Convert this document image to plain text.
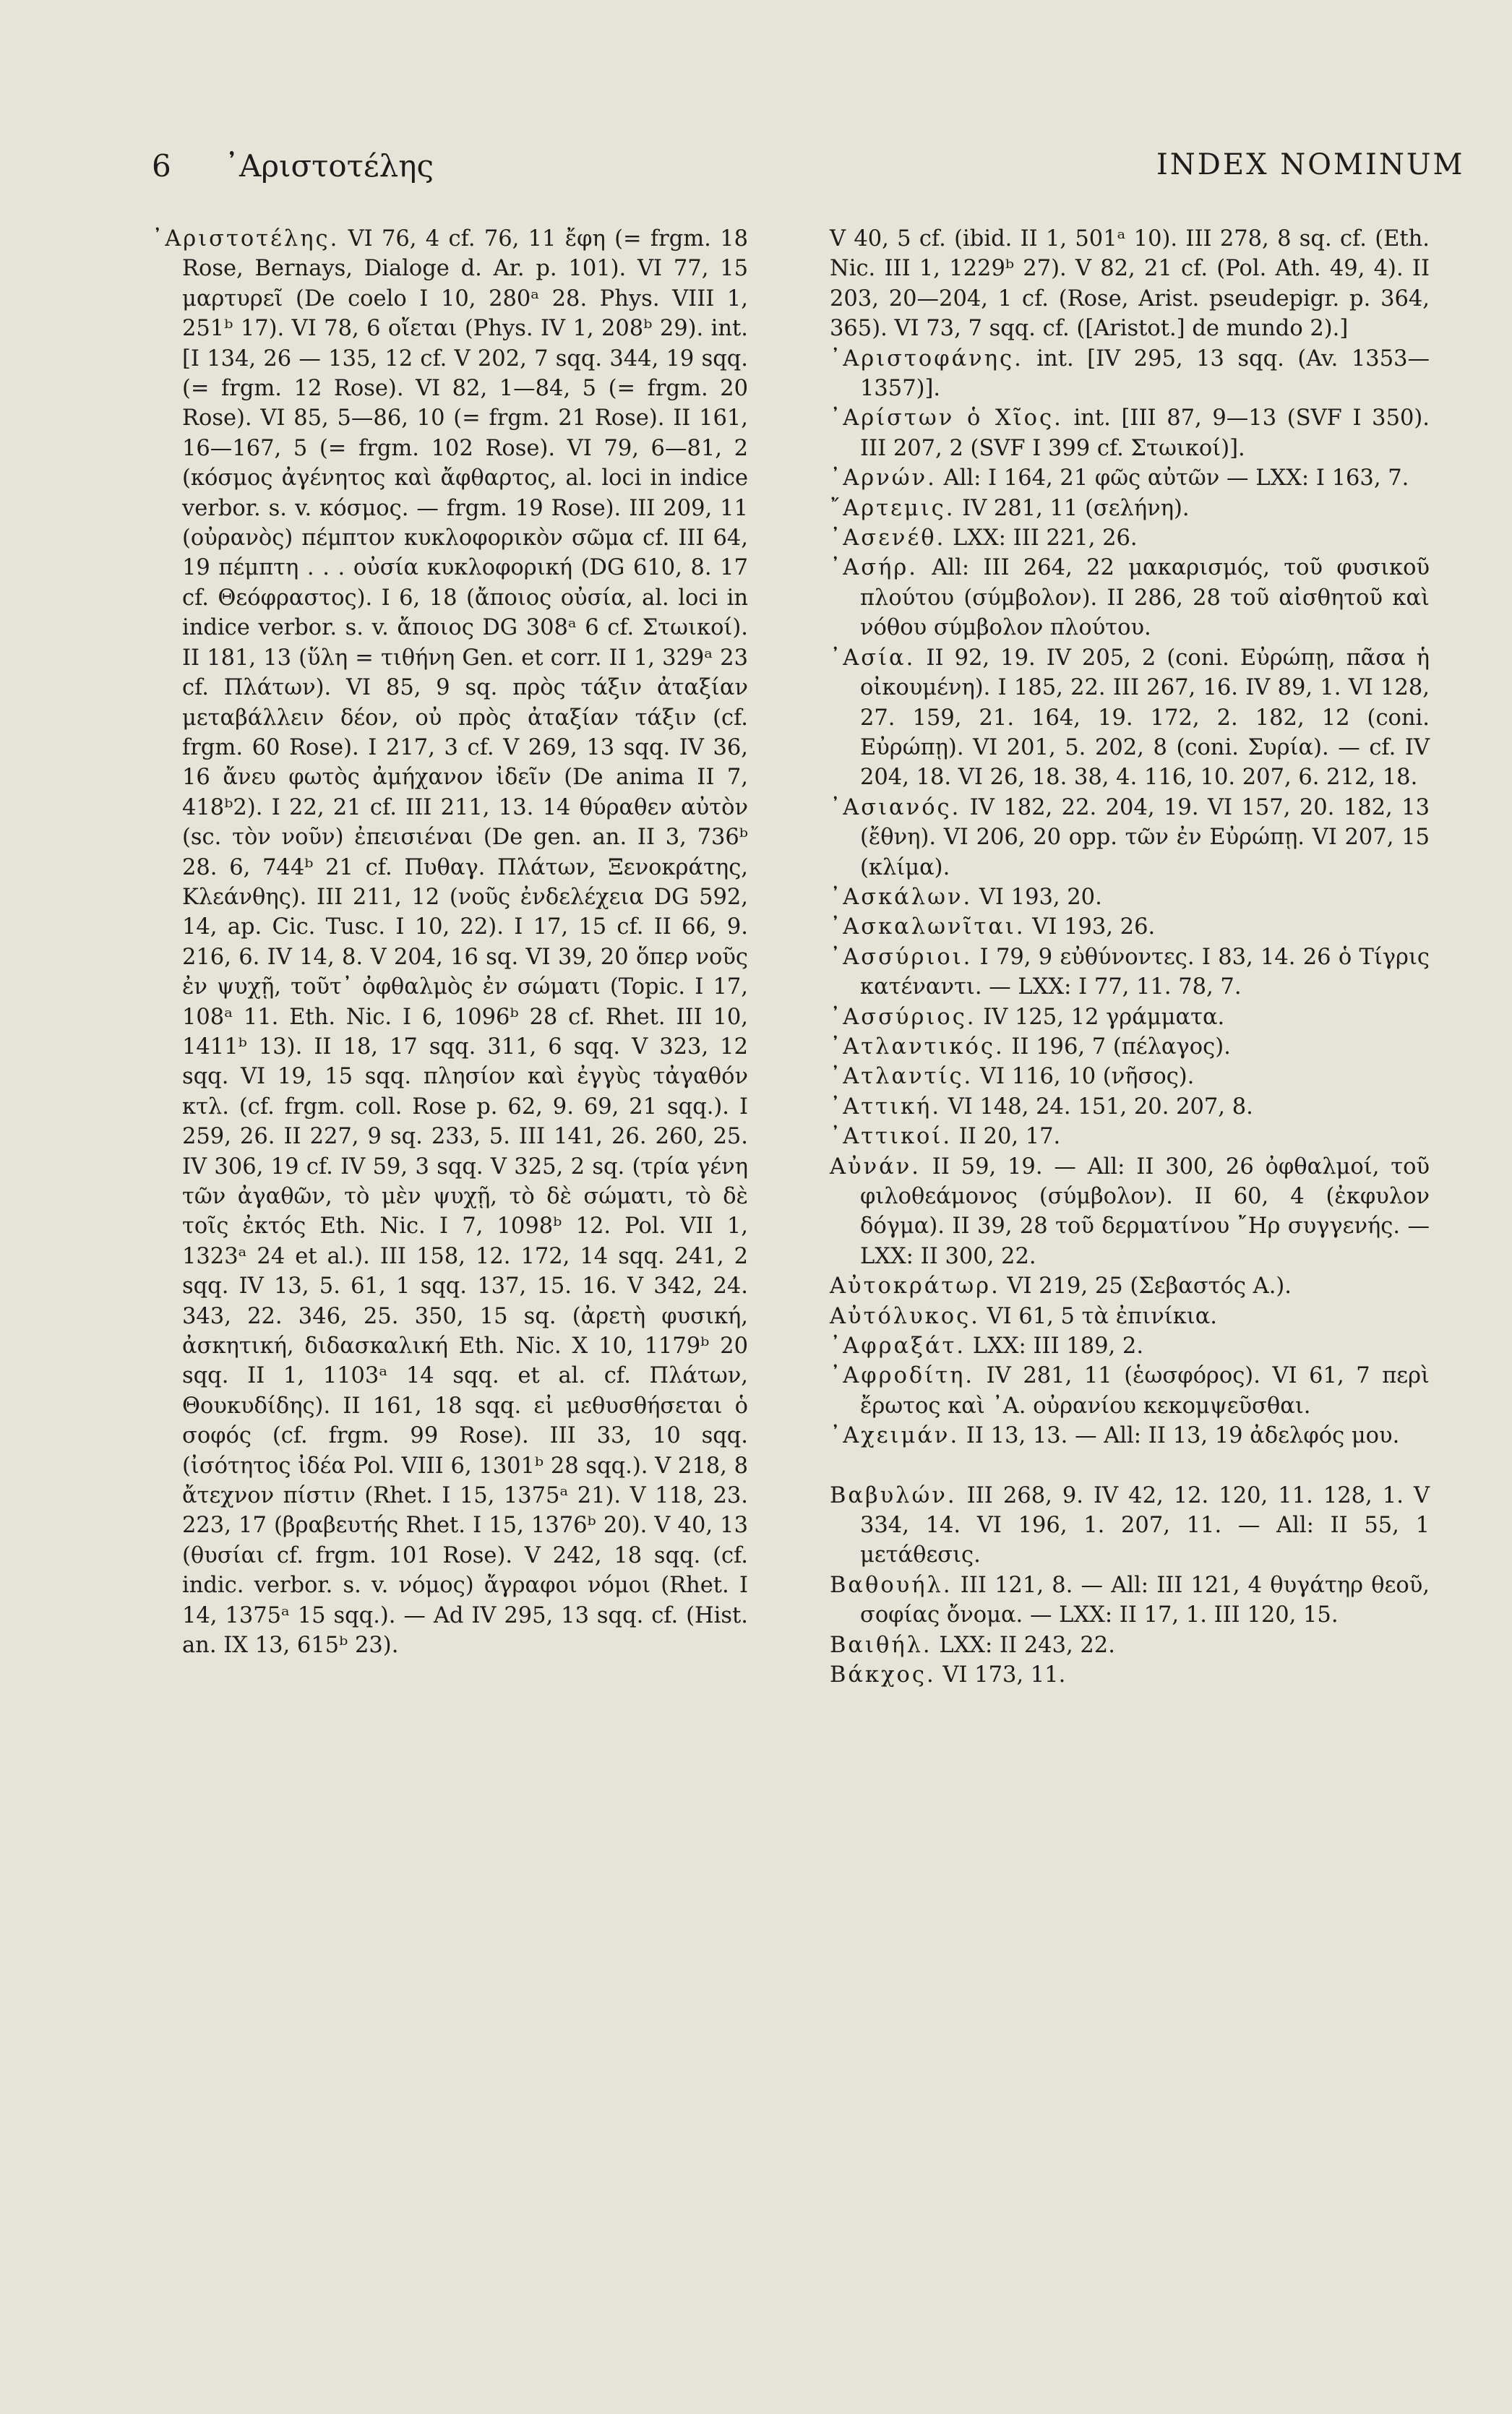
6 ᾿Αριστοτέλης	INDEX NOMINUM

᾿Αριστοτέλης. VI 76, 4 cf. 76, 11 ἔφη (= frgm. 18 Rose, Bernays, Dialoge d. Ar. p. 101). VI 77, 15 μαρτυρεῖ (De coelo I 10, 280ᵃ 28. Phys. VIII 1, 251ᵇ 17). VI 78, 6 οἴεται (Phys. IV 1, 208ᵇ 29). int. [I 134, 26 — 135, 12 cf. V 202, 7 sqq. 344, 19 sqq. (= frgm. 12 Rose). VI 82, 1—84, 5 (= frgm. 20 Rose). VI 85, 5—86, 10 (= frgm. 21 Rose). II 161, 16—167, 5 (= frgm. 102 Rose). VI 79, 6—81, 2 (κόσμος ἀγένητος καὶ ἄφθαρτος, al. loci in indice verbor. s. v. κόσμος. — frgm. 19 Rose). III 209, 11 (οὐρανὸς) πέμπτον κυκλοφορικὸν σῶμα cf. III 64, 19 πέμπτη . . . οὐσία κυκλοφορική (DG 610, 8. 17 cf. Θεόφραστος). I 6, 18 (ἄποιος οὐσία, al. loci in indice verbor. s. v. ἄποιος DG 308ᵃ 6 cf. Στωικοί). II 181, 13 (ὕλη = τιθήνη Gen. et corr. II 1, 329ᵃ 23 cf. Πλάτων). VI 85, 9 sq. πρὸς τάξιν ἀταξίαν μεταβάλλειν δέον, οὐ πρὸς ἀταξίαν τάξιν (cf. frgm. 60 Rose). I 217, 3 cf. V 269, 13 sqq. IV 36, 16 ἄνευ φωτὸς ἀμήχανον ἰδεῖν (De anima II 7, 418ᵇ2). I 22, 21 cf. III 211, 13. 14 θύραθεν αὐτὸν (sc. τὸν νοῦν) ἐπεισιέναι (De gen. an. II 3, 736ᵇ 28. 6, 744ᵇ 21 cf. Πυθαγ. Πλάτων, Ξενοκράτης, Κλεάνθης). III 211, 12 (νοῦς ἐνδελέχεια DG 592, 14, ap. Cic. Tusc. I 10, 22). I 17, 15 cf. II 66, 9. 216, 6. IV 14, 8. V 204, 16 sq. VI 39, 20 ὅπερ νοῦς ἐν ψυχῇ, τοῦτ᾿ ὀφθαλμὸς ἐν σώματι (Topic. I 17, 108ᵃ 11. Eth. Nic. I 6, 1096ᵇ 28 cf. Rhet. III 10, 1411ᵇ 13). II 18, 17 sqq. 311, 6 sqq. V 323, 12 sqq. VI 19, 15 sqq. πλησίον καὶ ἐγγὺς τἀγαθόν κτλ. (cf. frgm. coll. Rose p. 62, 9. 69, 21 sqq.). I 259, 26. II 227, 9 sq. 233, 5. III 141, 26. 260, 25. IV 306, 19 cf. IV 59, 3 sqq. V 325, 2 sq. (τρία γένη τῶν ἀγαθῶν, τὸ μὲν ψυχῇ, τὸ δὲ σώματι, τὸ δὲ τοῖς ἐκτός Eth. Nic. I 7, 1098ᵇ 12. Pol. VII 1, 1323ᵃ 24 et al.). III 158, 12. 172, 14 sqq. 241, 2 sqq. IV 13, 5. 61, 1 sqq. 137, 15. 16. V 342, 24. 343, 22. 346, 25. 350, 15 sq. (ἀρετὴ φυσική, ἀσκητική, διδασκαλική Eth. Nic. X 10, 1179ᵇ 20 sqq. II 1, 1103ᵃ 14 sqq. et al. cf. Πλάτων, Θουκυδίδης). II 161, 18 sqq. εἰ μεθυσθήσεται ὁ σοφός (cf. frgm. 99 Rose). III 33, 10 sqq. (ἰσότητος ἰδέα Pol. VIII 6, 1301ᵇ 28 sqq.). V 218, 8 ἄτεχνον πίστιν (Rhet. I 15, 1375ᵃ 21). V 118, 23. 223, 17 (βραβευτής Rhet. I 15, 1376ᵇ 20). V 40, 13 (θυσίαι cf. frgm. 101 Rose). V 242, 18 sqq. (cf. indic. verbor. s. v. νόμος) ἄγραφοι νόμοι (Rhet. I 14, 1375ᵃ 15 sqq.). — Ad IV 295, 13 sqq. cf. (Hist. an. IX 13, 615ᵇ 23).

V 40, 5 cf. (ibid. II 1, 501ᵃ 10). III 278, 8 sq. cf. (Eth. Nic. III 1, 1229ᵇ 27). V 82, 21 cf. (Pol. Ath. 49, 4). II 203, 20—204, 1 cf. (Rose, Arist. pseudepigr. p. 364, 365). VI 73, 7 sqq. cf. ([Aristot.] de mundo 2).]

᾿Αριστοφάνης. int. [IV 295, 13 sqq. (Av. 1353—1357)].

᾿Αρίστων ὁ Χῖος. int. [III 87, 9—13 (SVF I 350). III 207, 2 (SVF I 399 cf. Στωικοί)].

᾿Αρνών. All: I 164, 21 φῶς αὐτῶν — LXX: I 163, 7.

῎Αρτεμις. IV 281, 11 (σελήνη).

᾿Ασενέθ. LXX: III 221, 26.

᾿Ασήρ. All: III 264, 22 μακαρισμός, τοῦ φυσικοῦ πλούτου (σύμβολον). II 286, 28 τοῦ αἰσθητοῦ καὶ νόθου σύμβολον πλούτου.

᾿Ασία. II 92, 19. IV 205, 2 (coni. Εὐρώπῃ, πᾶσα ἡ οἰκουμένη). I 185, 22. III 267, 16. IV 89, 1. VI 128, 27. 159, 21. 164, 19. 172, 2. 182, 12 (coni. Εὐρώπῃ). VI 201, 5. 202, 8 (coni. Συρία). — cf. IV 204, 18. VI 26, 18. 38, 4. 116, 10. 207, 6. 212, 18.

᾿Ασιανός. IV 182, 22. 204, 19. VI 157, 20. 182, 13 (ἔθνη). VI 206, 20 opp. τῶν ἐν Εὐρώπῃ. VI 207, 15 (κλίμα).

᾿Ασκάλων. VI 193, 20.

᾿Ασκαλωνῖται. VI 193, 26.

᾿Ασσύριοι. I 79, 9 εὐθύνοντες. I 83, 14. 26 ὁ Τίγρις κατέναντι. — LXX: I 77, 11. 78, 7.

᾿Ασσύριος. IV 125, 12 γράμματα.

᾿Ατλαντικός. II 196, 7 (πέλαγος).

᾿Ατλαντίς. VI 116, 10 (νῆσος).

᾿Αττική. VI 148, 24. 151, 20. 207, 8.

᾿Αττικοί. II 20, 17.

Αὐνάν. II 59, 19. — All: II 300, 26 ὀφθαλμοί, τοῦ φιλοθεάμονος (σύμβολον). II 60, 4 (ἐκφυλον δόγμα). II 39, 28 τοῦ δερματίνου ῎Ηρ συγγενής. — LXX: II 300, 22.

Αὐτοκράτωρ. VI 219, 25 (Σεβαστός Α.).

Αὐτόλυκος. VI 61, 5 τὰ ἐπινίκια.

᾿Αφραξάτ. LXX: III 189, 2.

᾿Αφροδίτη. IV 281, 11 (ἑωσφόρος). VI 61, 7 περὶ ἔρωτος καὶ ᾿Α. οὐρανίου κεκομψεῦσθαι.

᾿Αχειμάν. II 13, 13. — All: II 13, 19 ἀδελφός μου.

Βαβυλών. III 268, 9. IV 42, 12. 120, 11. 128, 1. V 334, 14. VI 196, 1. 207, 11. — All: II 55, 1 μετάθεσις.

Βαθουήλ. III 121, 8. — All: III 121, 4 θυγάτηρ θεοῦ, σοφίας ὄνομα. — LXX: II 17, 1. III 120, 15.

Βαιθήλ. LXX: II 243, 22.

Βάκχος. VI 173, 11.
